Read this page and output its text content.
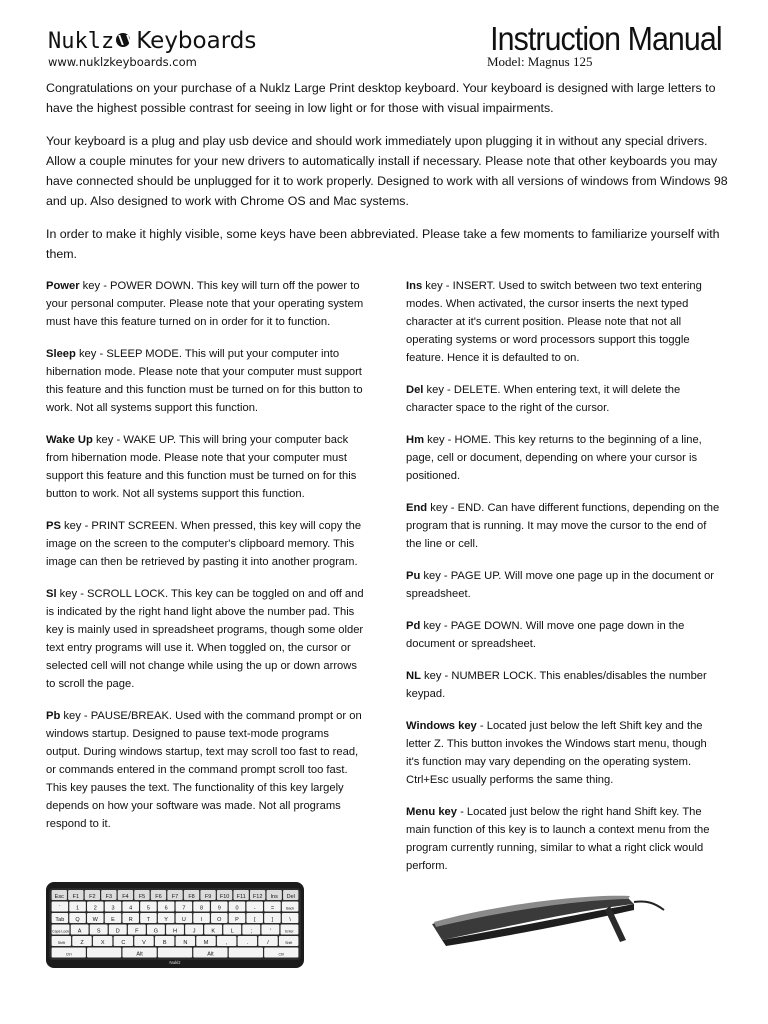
Nuklz Keyboards
www.nuklzkeyboards.com
Instruction Manual
Model: Magnus 125

Congratulations on your purchase of a Nuklz Large Print desktop keyboard. Your keyboard is designed with large letters to have the highest possible contrast for seeing in low light or for those with visual impairments.

Your keyboard is a plug and play usb device and should work immediately upon plugging it in without any special drivers. Allow a couple minutes for your new drivers to automatically install if necessary. Please note that other keyboards you may have connected should be unplugged for it to work properly. Designed to work with all versions of windows from Windows 98 and up. Also designed to work with Chrome OS and Mac systems.

In order to make it highly visible, some keys have been abbreviated. Please take a few moments to familiarize yourself with them.

Power key - POWER DOWN. This key will turn off the power to your personal computer. Please note that your operating system must have this feature turned on in order for it to function.

Sleep key - SLEEP MODE. This will put your computer into hibernation mode. Please note that your computer must support this feature and this function must be turned on for this button to work. Not all systems support this function.

Wake Up key - WAKE UP. This will bring your computer back from hibernation mode. Please note that your computer must support this feature and this function must be turned on for this button to work. Not all systems support this function.

PS key - PRINT SCREEN. When pressed, this key will copy the image on the screen to the computer's clipboard memory. This image can then be retrieved by pasting it into another program.

Sl key - SCROLL LOCK. This key can be toggled on and off and is indicated by the right hand light above the number pad. This key is mainly used in spreadsheet programs, though some older text entry programs will use it. When toggled on, the cursor or selected cell will not change while using the up or down arrows to scroll the page.

Pb key - PAUSE/BREAK. Used with the command prompt or on windows startup. Designed to pause text-mode programs output. During windows startup, text may scroll too fast to read, or commands entered in the command prompt scroll too fast. This key pauses the text. The functionality of this key largely depends on how your software was made. Not all programs respond to it.

Ins key - INSERT. Used to switch between two text entering modes. When activated, the cursor inserts the next typed character at it's current position. Please note that not all operating systems or word processors support this toggle feature. Hence it is defaulted to on.

Del key - DELETE. When entering text, it will delete the character space to the right of the cursor.

Hm key - HOME. This key returns to the beginning of a line, page, cell or document, depending on where your cursor is positioned.

End key - END. Can have different functions, depending on the program that is running. It may move the cursor to the end of the line or cell.

Pu key - PAGE UP. Will move one page up in the document or spreadsheet.

Pd key - PAGE DOWN. Will move one page down in the document or spreadsheet.

NL key - NUMBER LOCK. This enables/disables the number keypad.

Windows key - Located just below the left Shift key and the letter Z. This button invokes the Windows start menu, though it's function may vary depending on the operating system. Ctrl+Esc usually performs the same thing.

Menu key - Located just below the right hand Shift key. The main function of this key is to launch a context menu from the program currently running, similar to what a right click would perform.

Esc F1 F2 F3 F4 F5 F6 F7 F8 F9 F10 F11 F12 Ins Del
`	1	2	3	4	5	6	7	8	9	0	-	=	Back
Tab Q W E	R	T	Y	U	I	O P	[	]	\
Caps Lock A	S	D	F	G	H	J	K	L	;	'	Enter
Shift	Z	X	C	V	B	N	M	,	.	/	Shift
Ctrl	Alt	Alt	Ctrl
Nuklz
